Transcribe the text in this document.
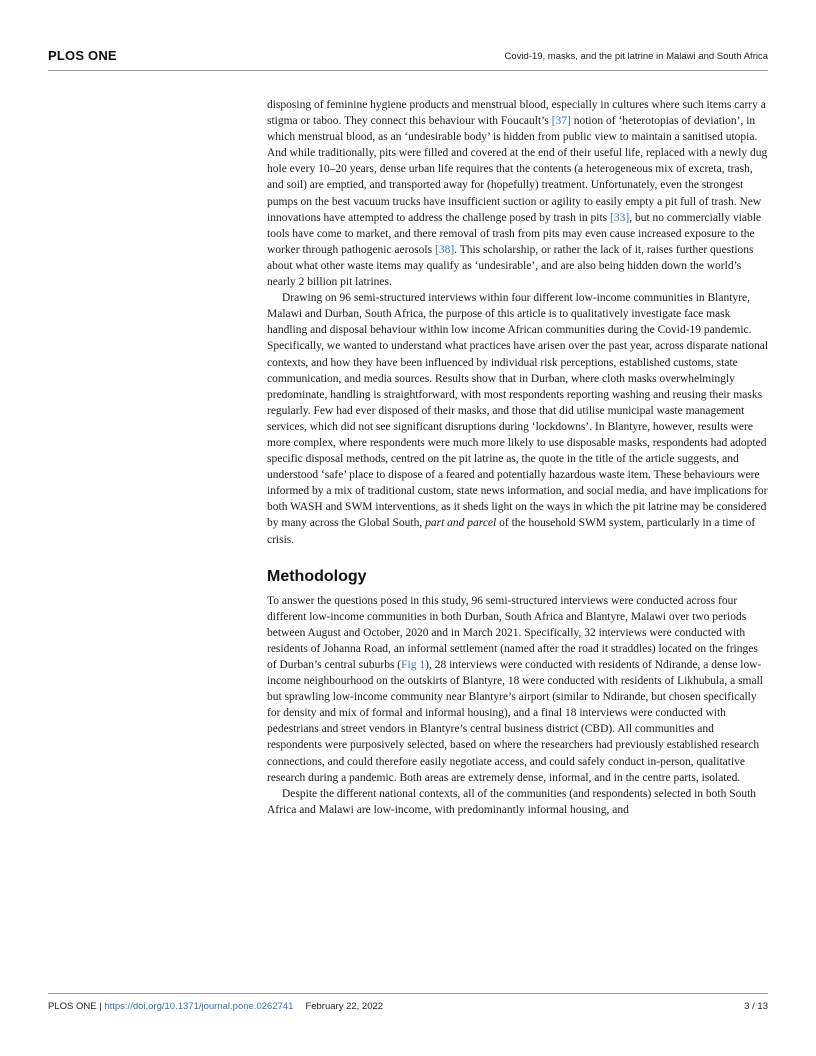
PLOS ONE	Covid-19, masks, and the pit latrine in Malawi and South Africa

disposing of feminine hygiene products and menstrual blood, especially in cultures where such items carry a stigma or taboo. They connect this behaviour with Foucault’s [37] notion of ‘heterotopias of deviation’, in which menstrual blood, as an ‘undesirable body’ is hidden from public view to maintain a sanitised utopia. And while traditionally, pits were filled and covered at the end of their useful life, replaced with a newly dug hole every 10–20 years, dense urban life requires that the contents (a heterogeneous mix of excreta, trash, and soil) are emptied, and transported away for (hopefully) treatment. Unfortunately, even the strongest pumps on the best vacuum trucks have insufficient suction or agility to easily empty a pit full of trash. New innovations have attempted to address the challenge posed by trash in pits [33], but no commercially viable tools have come to market, and there removal of trash from pits may even cause increased exposure to the worker through pathogenic aerosols [38]. This scholarship, or rather the lack of it, raises further questions about what other waste items may qualify as ‘undesirable’, and are also being hidden down the world’s nearly 2 billion pit latrines.

Drawing on 96 semi-structured interviews within four different low-income communities in Blantyre, Malawi and Durban, South Africa, the purpose of this article is to qualitatively investigate face mask handling and disposal behaviour within low income African communities during the Covid-19 pandemic. Specifically, we wanted to understand what practices have arisen over the past year, across disparate national contexts, and how they have been influenced by individual risk perceptions, established customs, state communication, and media sources. Results show that in Durban, where cloth masks overwhelmingly predominate, handling is straightforward, with most respondents reporting washing and reusing their masks regularly. Few had ever disposed of their masks, and those that did utilise municipal waste management services, which did not see significant disruptions during ‘lockdowns’. In Blantyre, however, results were more complex, where respondents were much more likely to use disposable masks, respondents had adopted specific disposal methods, centred on the pit latrine as, the quote in the title of the article suggests, and understood ‘safe’ place to dispose of a feared and potentially hazardous waste item. These behaviours were informed by a mix of traditional custom, state news information, and social media, and have implications for both WASH and SWM interventions, as it sheds light on the ways in which the pit latrine may be considered by many across the Global South, part and parcel of the household SWM system, particularly in a time of crisis.

Methodology

To answer the questions posed in this study, 96 semi-structured interviews were conducted across four different low-income communities in both Durban, South Africa and Blantyre, Malawi over two periods between August and October, 2020 and in March 2021. Specifically, 32 interviews were conducted with residents of Johanna Road, an informal settlement (named after the road it straddles) located on the fringes of Durban’s central suburbs (Fig 1), 28 interviews were conducted with residents of Ndirande, a dense low-income neighbourhood on the outskirts of Blantyre, 18 were conducted with residents of Likhubula, a small but sprawling low-income community near Blantyre’s airport (similar to Ndirande, but chosen specifically for density and mix of formal and informal housing), and a final 18 interviews were conducted with pedestrians and street vendors in Blantyre’s central business district (CBD). All communities and respondents were purposively selected, based on where the researchers had previously established research connections, and could therefore easily negotiate access, and could safely conduct in-person, qualitative research during a pandemic. Both areas are extremely dense, informal, and in the centre parts, isolated.

Despite the different national contexts, all of the communities (and respondents) selected in both South Africa and Malawi are low-income, with predominantly informal housing, and

PLOS ONE | https://doi.org/10.1371/journal.pone.0262741 February 22, 2022	3 / 13
